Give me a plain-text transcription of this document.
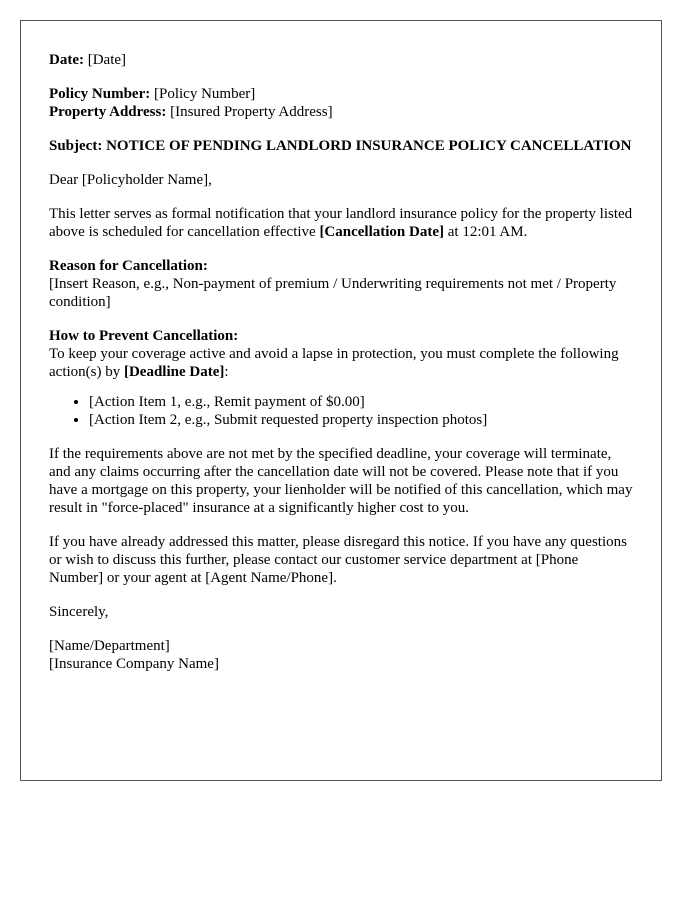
Date: [Date]

Policy Number: [Policy Number]
Property Address: [Insured Property Address]

Subject: NOTICE OF PENDING LANDLORD INSURANCE POLICY CANCELLATION

Dear [Policyholder Name],

This letter serves as formal notification that your landlord insurance policy for the property listed above is scheduled for cancellation effective [Cancellation Date] at 12:01 AM.

Reason for Cancellation:
[Insert Reason, e.g., Non-payment of premium / Underwriting requirements not met / Property condition]

How to Prevent Cancellation:
To keep your coverage active and avoid a lapse in protection, you must complete the following action(s) by [Deadline Date]:

• [Action Item 1, e.g., Remit payment of $0.00]
• [Action Item 2, e.g., Submit requested property inspection photos]

If the requirements above are not met by the specified deadline, your coverage will terminate, and any claims occurring after the cancellation date will not be covered. Please note that if you have a mortgage on this property, your lienholder will be notified of this cancellation, which may result in "force-placed" insurance at a significantly higher cost to you.

If you have already addressed this matter, please disregard this notice. If you have any questions or wish to discuss this further, please contact our customer service department at [Phone Number] or your agent at [Agent Name/Phone].

Sincerely,

[Name/Department]
[Insurance Company Name]
